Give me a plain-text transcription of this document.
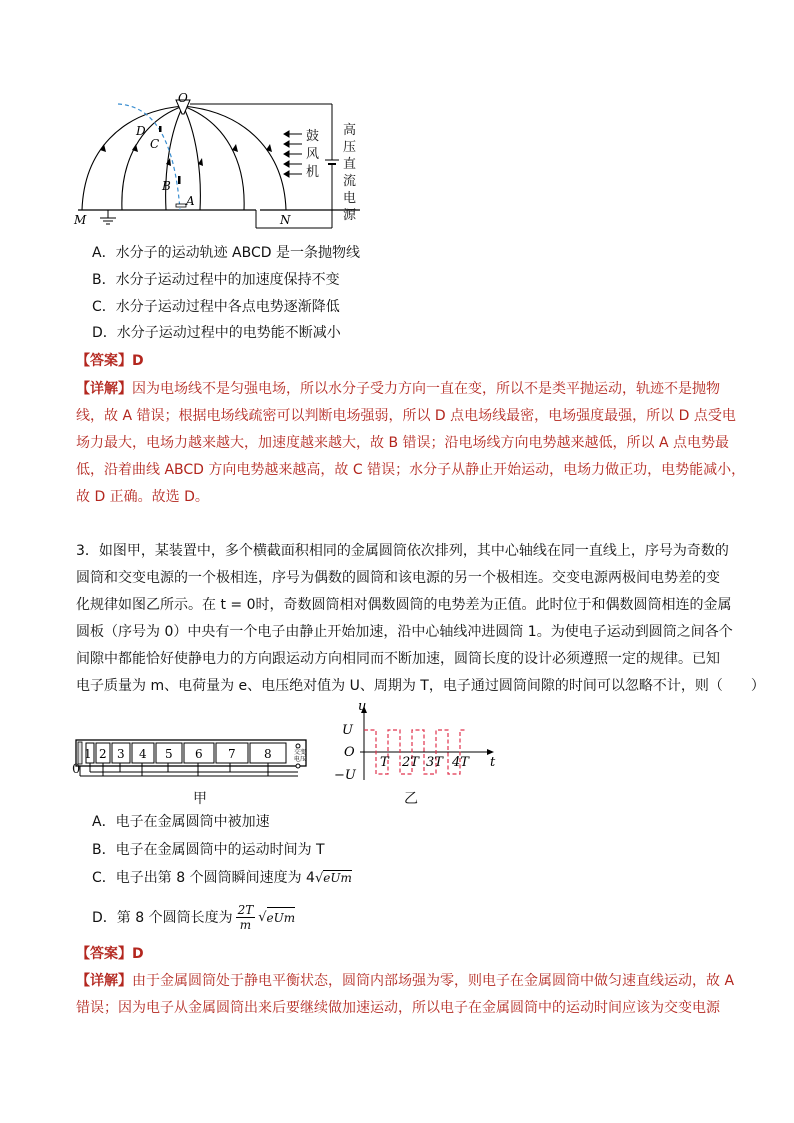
O
D
C
B
A
M	N
鼓
风
机
高
压
直
流
电
源
A．水分子的运动轨迹 ABCD 是一条抛物线
B．水分子运动过程中的加速度保持不变
C．水分子运动过程中各点电势逐渐降低
D．水分子运动过程中的电势能不断减小
【答案】D
【详解】因为电场线不是匀强电场，所以水分子受力方向一直在变，所以不是类平抛运动，轨迹不是抛物
线，故 A 错误；根据电场线疏密可以判断电场强弱，所以 D 点电场线最密，电场强度最强，所以 D 点受电
场力最大，电场力越来越大，加速度越来越大，故 B 错误；沿电场线方向电势越来越低，所以 A 点电势最
低，沿着曲线 ABCD 方向电势越来越高，故 C 错误；水分子从静止开始运动，电场力做正功，电势能减小，
故 D 正确。故选 D。
3．如图甲，某装置中，多个横截面积相同的金属圆筒依次排列，其中心轴线在同一直线上，序号为奇数的
圆筒和交变电源的一个极相连，序号为偶数的圆筒和该电源的另一个极相连。交变电源两极间电势差的变
化规律如图乙所示。在 t = 0时，奇数圆筒相对偶数圆筒的电势差为正值。此时位于和偶数圆筒相连的金属
圆板（序号为 0）中央有一个电子由静止开始加速，沿中心轴线冲进圆筒 1。为使电子运动到圆筒之间各个
间隙中都能恰好使静电力的方向跟运动方向相同而不断加速，圆筒长度的设计必须遵照一定的规律。已知
电子质量为 m、电荷量为 e、电压绝对值为 U、周期为 T，电子通过圆筒间隙的时间可以忽略不计，则（　　）
1 2 3 4 5 6 7 8	交变
电压
0
甲
U
O
−U
u
t
T 2T 3T 4T
乙
A．电子在金属圆筒中被加速
B．电子在金属圆筒中的运动时间为 T
C．电子出第 8 个圆筒瞬间速度为 4√eUm
D． 第 8 个圆筒长度为 2T
m
√ eUm
【答案】D
【详解】由于金属圆筒处于静电平衡状态，圆筒内部场强为零，则电子在金属圆筒中做匀速直线运动，故 A
错误；因为电子从金属圆筒出来后要继续做加速运动，所以电子在金属圆筒中的运动时间应该为交变电源
